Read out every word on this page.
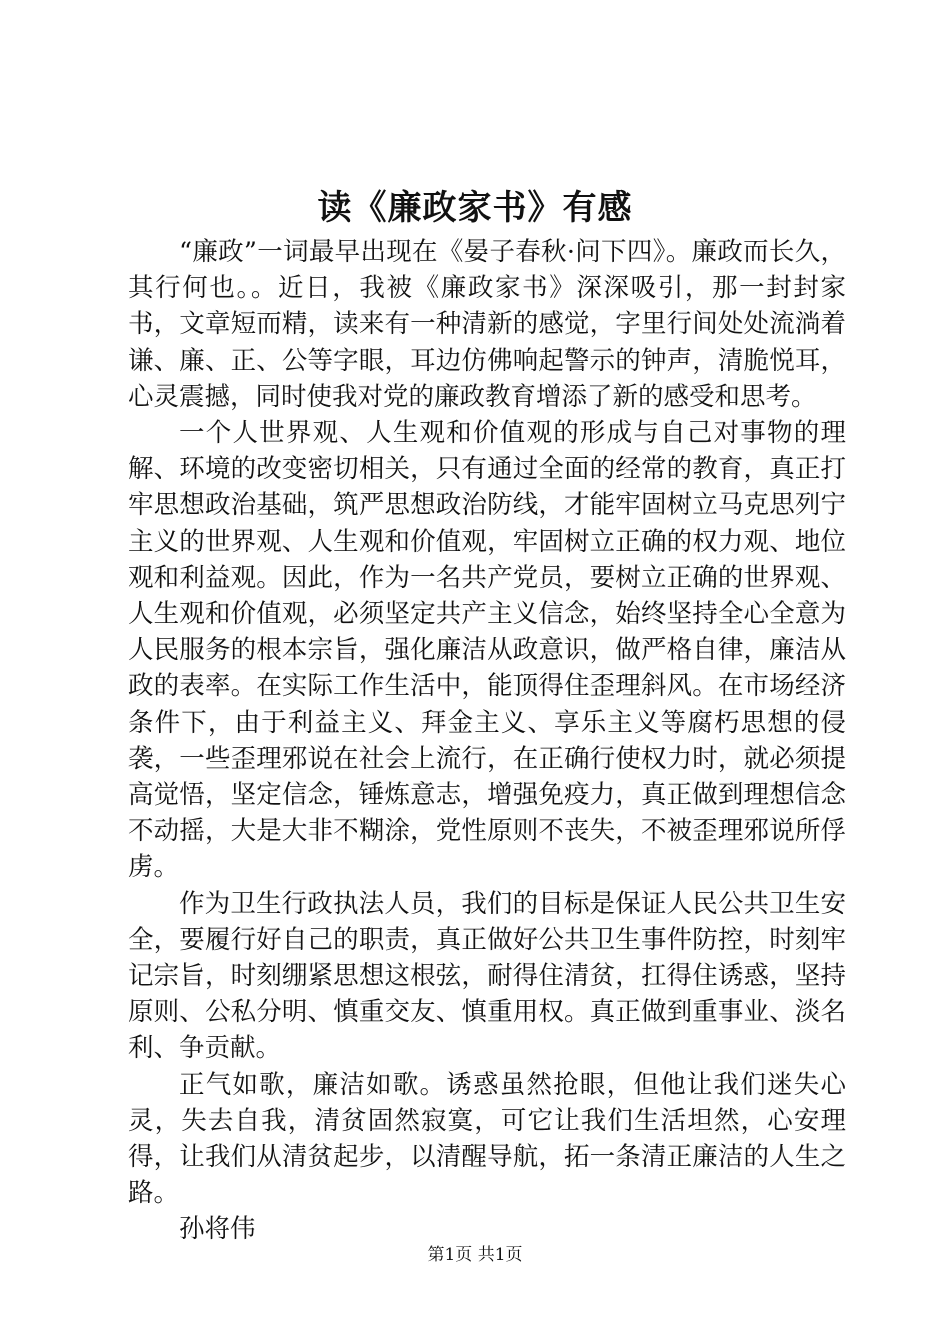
读《廉政家书》有感

“廉政”一词最早出现在《晏子春秋·问下四》。廉政而长久，其行何也。。近日，我被《廉政家书》深深吸引，那一封封家书，文章短而精，读来有一种清新的感觉，字里行间处处流淌着谦、廉、正、公等字眼，耳边仿佛响起警示的钟声，清脆悦耳，心灵震撼，同时使我对党的廉政教育增添了新的感受和思考。

一个人世界观、人生观和价值观的形成与自己对事物的理解、环境的改变密切相关，只有通过全面的经常的教育，真正打牢思想政治基础，筑严思想政治防线，才能牢固树立马克思列宁主义的世界观、人生观和价值观，牢固树立正确的权力观、地位观和利益观。因此，作为一名共产党员，要树立正确的世界观、人生观和价值观，必须坚定共产主义信念，始终坚持全心全意为人民服务的根本宗旨，强化廉洁从政意识，做严格自律，廉洁从政的表率。在实际工作生活中，能顶得住歪理斜风。在市场经济条件下，由于利益主义、拜金主义、享乐主义等腐朽思想的侵袭，一些歪理邪说在社会上流行，在正确行使权力时，就必须提高觉悟，坚定信念，锤炼意志，增强免疫力，真正做到理想信念不动摇，大是大非不糊涂，党性原则不丧失，不被歪理邪说所俘虏。

作为卫生行政执法人员，我们的目标是保证人民公共卫生安全，要履行好自己的职责，真正做好公共卫生事件防控，时刻牢记宗旨，时刻绷紧思想这根弦，耐得住清贫，扛得住诱惑，坚持原则、公私分明、慎重交友、慎重用权。真正做到重事业、淡名利、争贡献。

正气如歌，廉洁如歌。诱惑虽然抢眼，但他让我们迷失心灵，失去自我，清贫固然寂寞，可它让我们生活坦然，心安理得，让我们从清贫起步，以清醒导航，拓一条清正廉洁的人生之路。

孙将伟

第1页 共1页
